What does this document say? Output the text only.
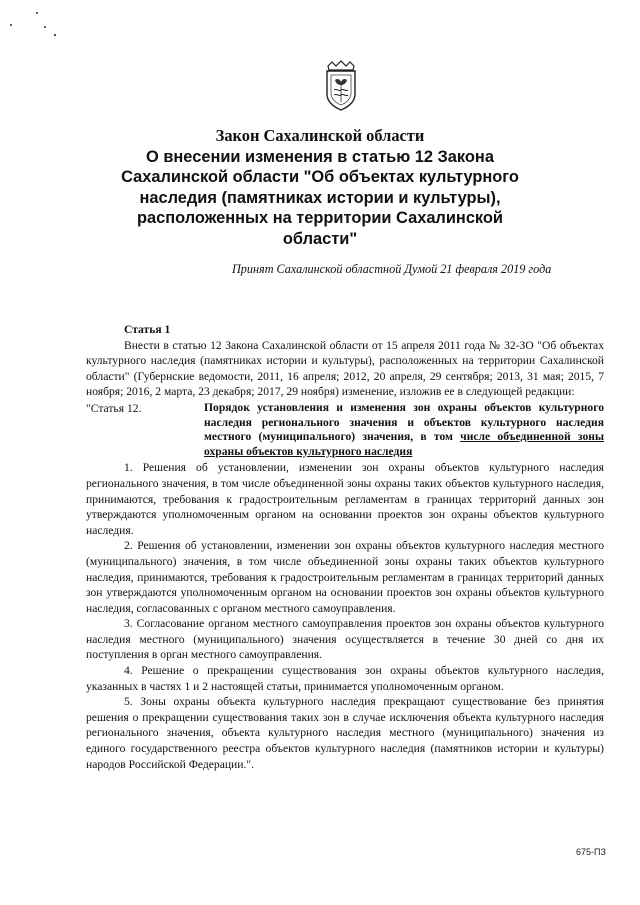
Закон Сахалинской области
О внесении изменения в статью 12 Закона
Сахалинской области "Об объектах культурного
наследия (памятниках истории и культуры),
расположенных на территории Сахалинской
области"
Принят Сахалинской областной Думой 21 февраля 2019 года

Статья 1

Внести в статью 12 Закона Сахалинской области от 15 апреля 2011 года № 32-ЗО "Об объектах культурного наследия (памятниках истории и культуры), расположенных на территории Сахалинской области" (Губернские ведомости, 2011, 16 апреля; 2012, 20 апреля, 29 сентября; 2013, 31 мая; 2015, 7 ноября; 2016, 2 марта, 23 декабря; 2017, 29 ноября) изменение, изложив ее в следующей редакции:

"Статья 12.	Порядок установления и изменения зон охраны объектов культурного наследия регионального значения и объектов культурного наследия местного (муниципального) значения, в том числе объединенной зоны охраны объектов культурного наследия

1. Решения об установлении, изменении зон охраны объектов культурного наследия регионального значения, в том числе объединенной зоны охраны таких объектов культурного наследия, принимаются, требования к градостроительным регламентам в границах территорий данных зон утверждаются уполномоченным органом на основании проектов зон охраны объектов культурного наследия.

2. Решения об установлении, изменении зон охраны объектов культурного наследия местного (муниципального) значения, в том числе объединенной зоны охраны таких объектов культурного наследия, принимаются, требования к градостроительным регламентам в границах территорий данных зон утверждаются уполномоченным органом на основании проектов зон охраны объектов культурного наследия, согласованных с органом местного самоуправления.

3. Согласование органом местного самоуправления проектов зон охраны объектов культурного наследия местного (муниципального) значения осуществляется в течение 30 дней со дня их поступления в орган местного самоуправления.

4. Решение о прекращении существования зон охраны объектов культурного наследия, указанных в частях 1 и 2 настоящей статьи, принимается уполномоченным органом.

5. Зоны охраны объекта культурного наследия прекращают существование без принятия решения о прекращении существования таких зон в случае исключения объекта культурного наследия регионального значения, объекта культурного наследия местного (муниципального) значения из единого государственного реестра объектов культурного наследия (памятников истории и культуры) народов Российской Федерации.".

675-ПЗ
